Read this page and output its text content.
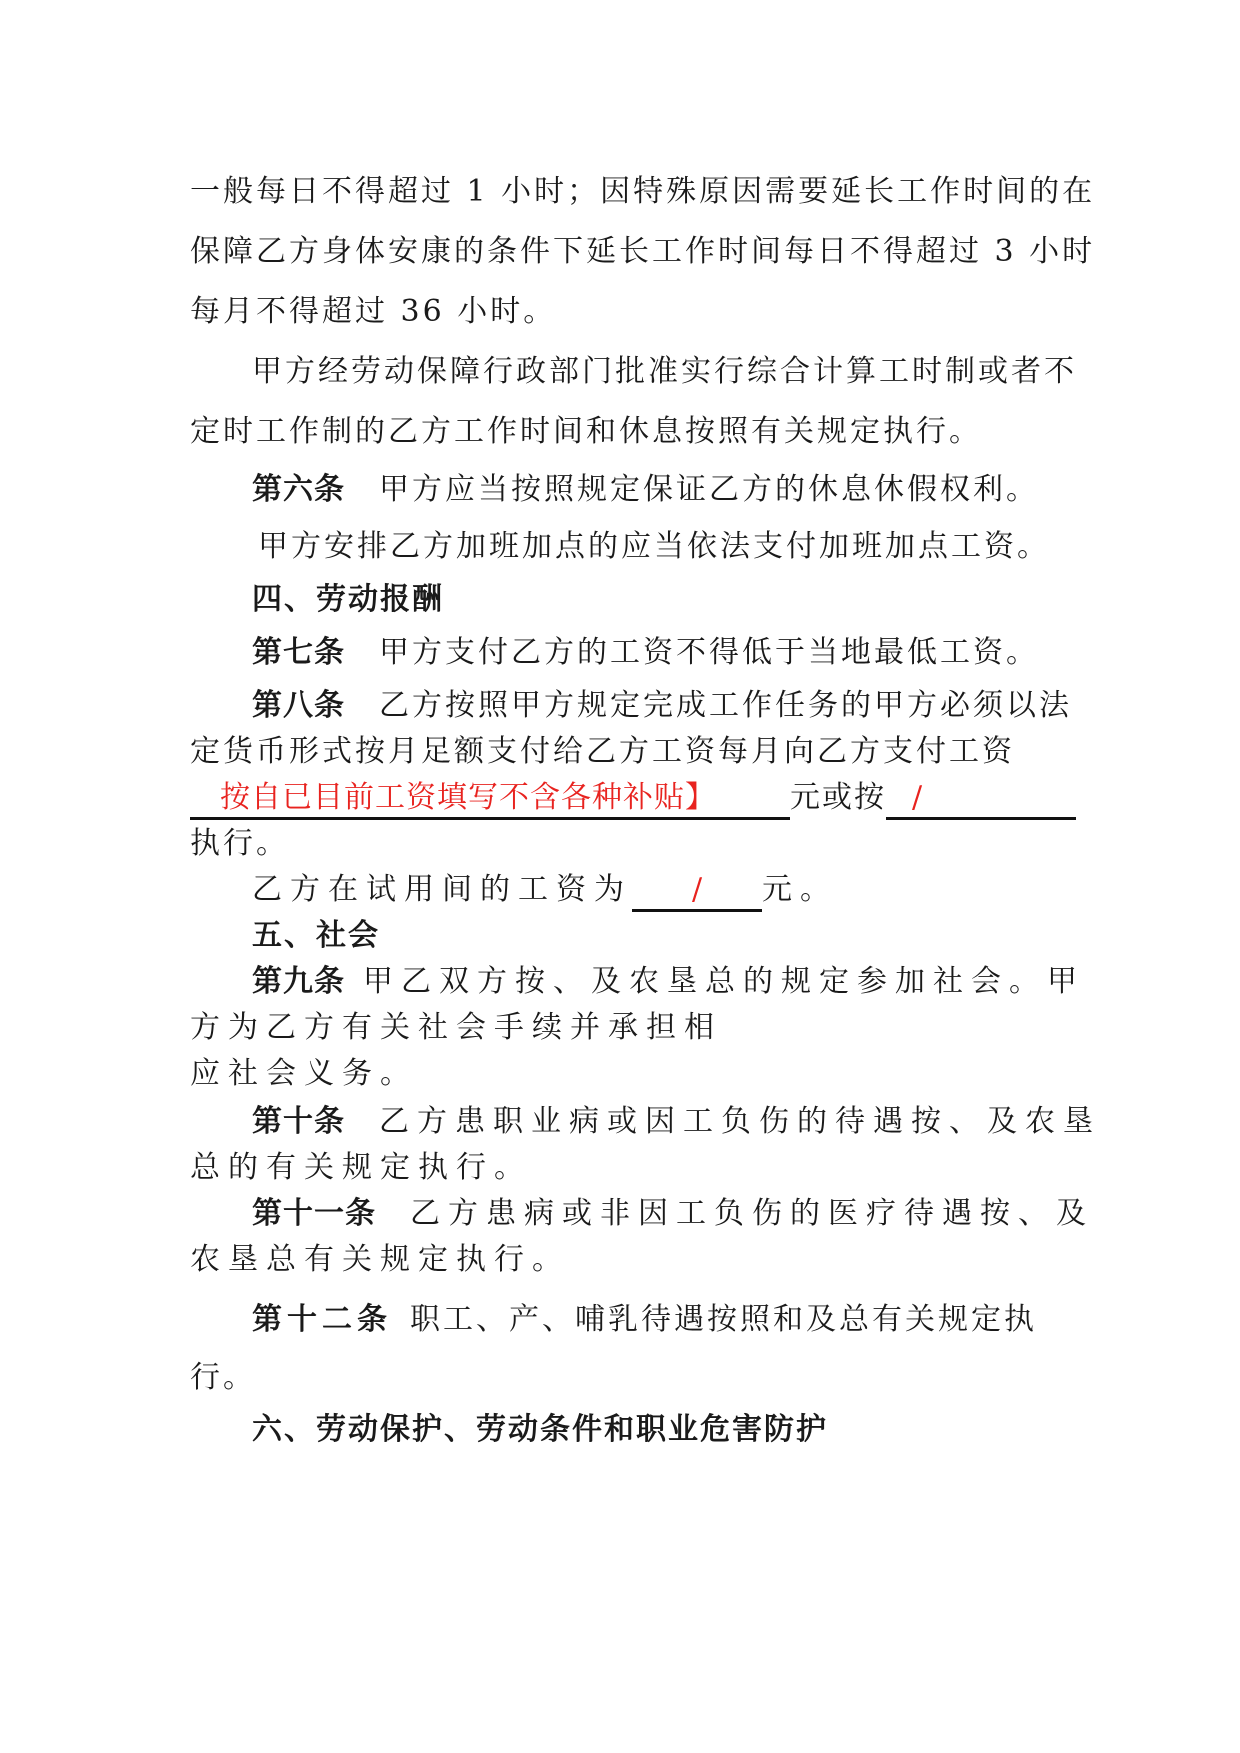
一般每日不得超过 1 小时；因特殊原因需要延长工作时间的在
保障乙方身体安康的条件下延长工作时间每日不得超过 3 小时
每月不得超过 36 小时。
甲方经劳动保障行政部门批准实行综合计算工时制或者不
定时工作制的乙方工作时间和休息按照有关规定执行。
第六条 甲方应当按照规定保证乙方的休息休假权利。
甲方安排乙方加班加点的应当依法支付加班加点工资。
四、劳动报酬
第七条 甲方支付乙方的工资不得低于当地最低工资。
第八条 乙方按照甲方规定完成工作任务的甲方必须以法
定货币形式按月足额支付给乙方工资每月向乙方支付工资
按自已目前工资填写不含各种补贴】 元或按 /
执行。
乙方在试用间的工资为 / 元。
五、社会
第九条 甲乙双方按、及农垦总的规定参加社会。甲
方为乙方有关社会手续并承担相
应社会义务。
第十条 乙方患职业病或因工负伤的待遇按、及农垦
总的有关规定执行。
第十一条 乙方患病或非因工负伤的医疗待遇按、及
农垦总有关规定执行。
第十二条 职工、产、哺乳待遇按照和及总有关规定执
行。
六、劳动保护、劳动条件和职业危害防护
